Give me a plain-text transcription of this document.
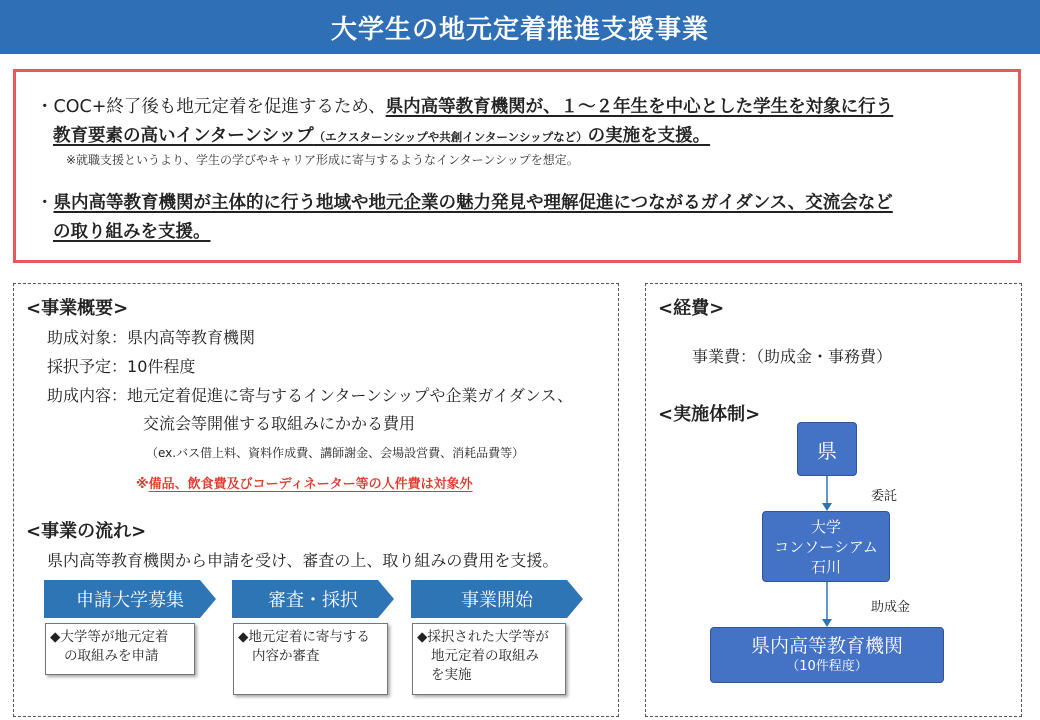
大学生の地元定着推進支援事業
・COC+終了後も地元定着を促進するため、県内高等教育機関が、１～２年生を中心とした学生を対象に行う
教育要素の高いインターンシップ（エクスターンシップや共創インターンシップなど）の実施を支援。
※就職支援というより、学生の学びやキャリア形成に寄与するようなインターンシップを想定。
・県内高等教育機関が主体的に行う地域や地元企業の魅力発見や理解促進につながるガイダンス、交流会など
の取り組みを支援。
<事業概要>
助成対象：県内高等教育機関
採択予定：10件程度
助成内容：地元定着促進に寄与するインターンシップや企業ガイダンス、
交流会等開催する取組みにかかる費用
（ex.バス借上料、資料作成費、講師謝金、会場設営費、消耗品費等）
※備品、飲食費及びコーディネーター等の人件費は対象外
<事業の流れ>
県内高等教育機関から申請を受け、審査の上、取り組みの費用を支援。
申請大学募集	審査・採択	事業開始
◆大学等が地元定着
の取組みを申請
◆地元定着に寄与する
内容か審査
◆採択された大学等が
地元定着の取組み
を実施
<経費>
事業費：（助成金・事務費）
<実施体制>
県
委託
大学
コンソーシアム
石川
助成金
県内高等教育機関
（10件程度）
